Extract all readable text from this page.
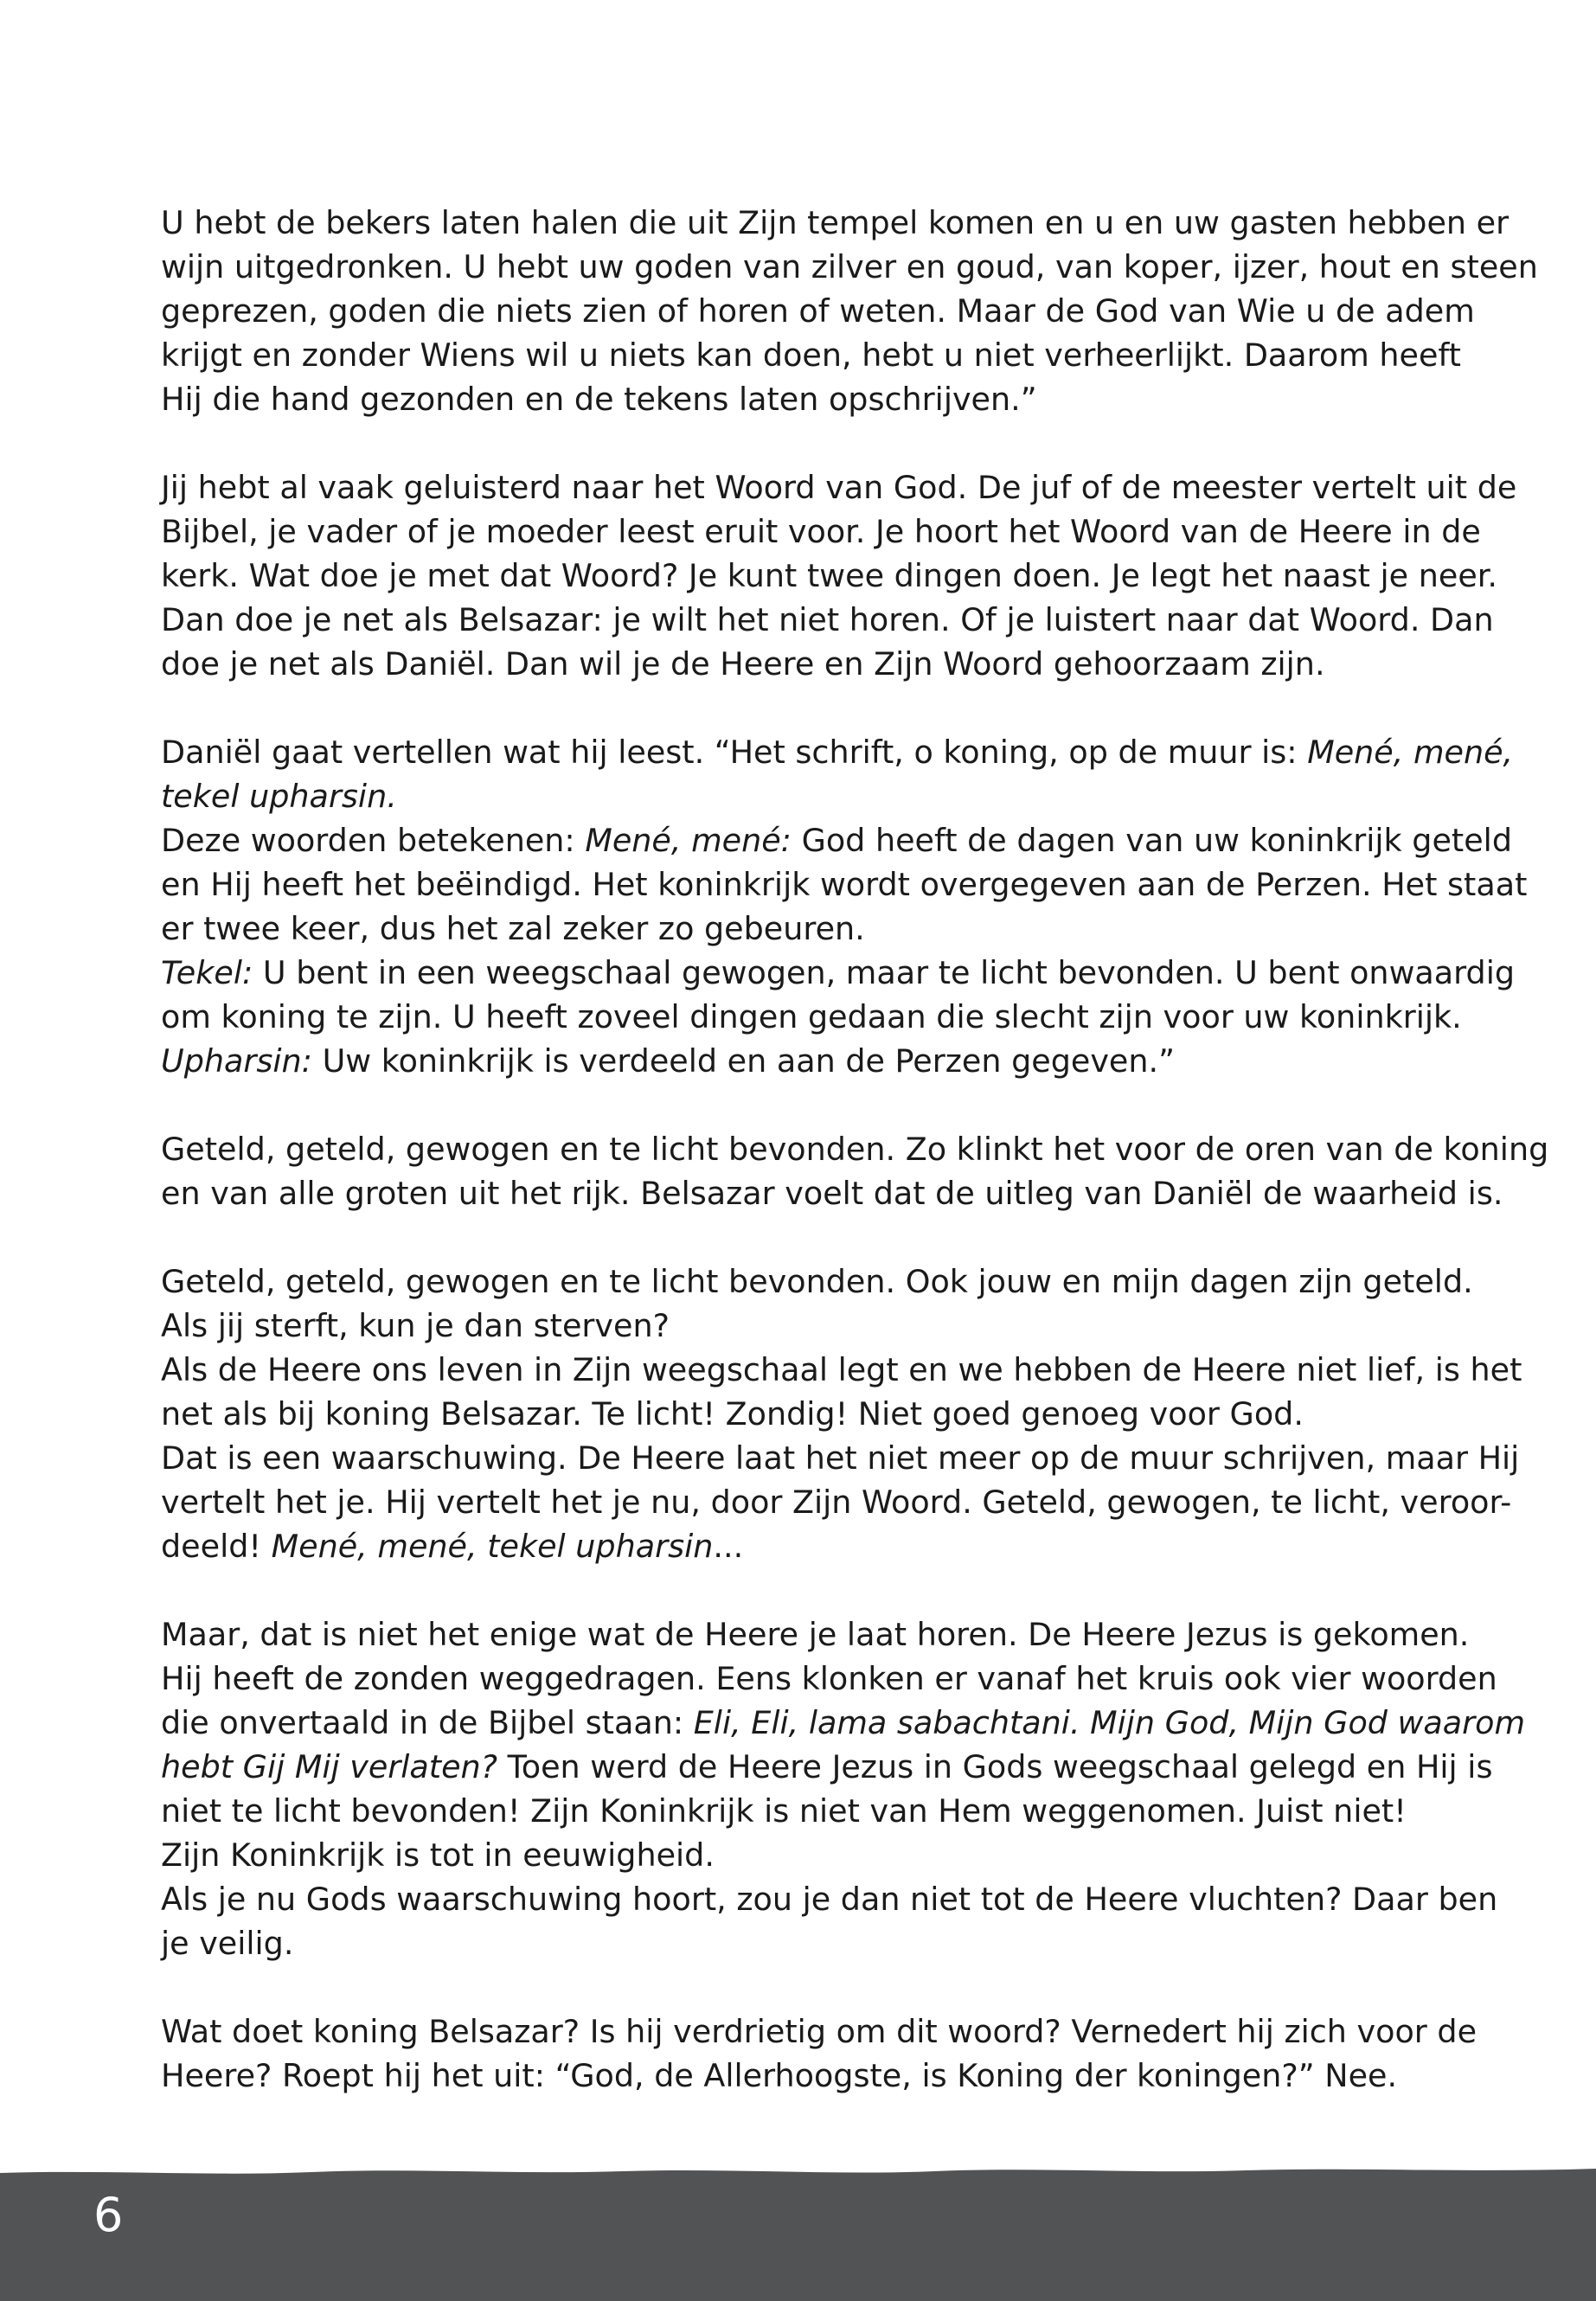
U hebt de bekers laten halen die uit Zijn tempel komen en u en uw gasten hebben er
wijn uitgedronken. U hebt uw goden van zilver en goud, van koper, ijzer, hout en steen
geprezen, goden die niets zien of horen of weten. Maar de God van Wie u de adem
krijgt en zonder Wiens wil u niets kan doen, hebt u niet verheerlijkt. Daarom heeft
Hij die hand gezonden en de tekens laten opschrijven.”
Jij hebt al vaak geluisterd naar het Woord van God. De juf of de meester vertelt uit de
Bijbel, je vader of je moeder leest eruit voor. Je hoort het Woord van de Heere in de
kerk. Wat doe je met dat Woord? Je kunt twee dingen doen. Je legt het naast je neer.
Dan doe je net als Belsazar: je wilt het niet horen. Of je luistert naar dat Woord. Dan
doe je net als Daniël. Dan wil je de Heere en Zijn Woord gehoorzaam zijn.
Daniël gaat vertellen wat hij leest. “Het schrift, o koning, op de muur is: Mené, mené,
tekel upharsin.
Deze woorden betekenen: Mené, mené: God heeft de dagen van uw koninkrijk geteld
en Hij heeft het beëindigd. Het koninkrijk wordt overgegeven aan de Perzen. Het staat
er twee keer, dus het zal zeker zo gebeuren.
Tekel: U bent in een weegschaal gewogen, maar te licht bevonden. U bent onwaardig
om koning te zijn. U heeft zoveel dingen gedaan die slecht zijn voor uw koninkrijk.
Upharsin: Uw koninkrijk is verdeeld en aan de Perzen gegeven.”
Geteld, geteld, gewogen en te licht bevonden. Zo klinkt het voor de oren van de koning
en van alle groten uit het rijk. Belsazar voelt dat de uitleg van Daniël de waarheid is.
Geteld, geteld, gewogen en te licht bevonden. Ook jouw en mijn dagen zijn geteld.
Als jij sterft, kun je dan sterven?
Als de Heere ons leven in Zijn weegschaal legt en we hebben de Heere niet lief, is het
net als bij koning Belsazar. Te licht! Zondig! Niet goed genoeg voor God.
Dat is een waarschuwing. De Heere laat het niet meer op de muur schrijven, maar Hij
vertelt het je. Hij vertelt het je nu, door Zijn Woord. Geteld, gewogen, te licht, veroor-
deeld! Mené, mené, tekel upharsin...
Maar, dat is niet het enige wat de Heere je laat horen. De Heere Jezus is gekomen.
Hij heeft de zonden weggedragen. Eens klonken er vanaf het kruis ook vier woorden
die onvertaald in de Bijbel staan: Eli, Eli, lama sabachtani. Mijn God, Mijn God waarom
hebt Gij Mij verlaten? Toen werd de Heere Jezus in Gods weegschaal gelegd en Hij is
niet te licht bevonden! Zijn Koninkrijk is niet van Hem weggenomen. Juist niet!
Zijn Koninkrijk is tot in eeuwigheid.
Als je nu Gods waarschuwing hoort, zou je dan niet tot de Heere vluchten? Daar ben
je veilig.
Wat doet koning Belsazar? Is hij verdrietig om dit woord? Vernedert hij zich voor de
Heere? Roept hij het uit: “God, de Allerhoogste, is Koning der koningen?” Nee.
6
